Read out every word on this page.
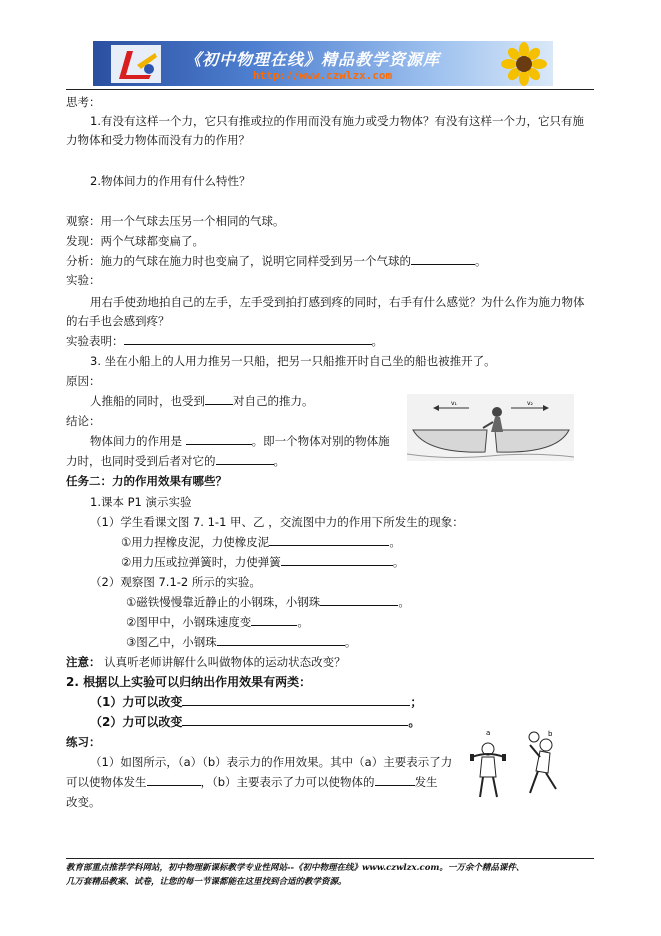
《初中物理在线》精品教学资源库
http://www.czwlzx.com
思考：
1.有没有这样一个力，它只有推或拉的作用而没有施力或受力物体？有没有这样一个力，它只有施
力物体和受力物体而没有力的作用？
2.物体间力的作用有什么特性？
观察：用一个气球去压另一个相同的气球。
发现：两个气球都变扁了。
分析：施力的气球在施力时也变扁了，说明它同样受到另一个气球的	。
实验：
用右手使劲地拍自己的左手，左手受到拍打感到疼的同时，右手有什么感觉？为什么作为施力物体
的右手也会感到疼？
实验表明：	。
3. 坐在小船上的人用力推另一只船，把另一只船推开时自己坐的船也被推开了。
原因：
人推船的同时，也受到 对自己的推力。
结论：
物体间力的作用是	。即一个物体对别的物体施
力时，也同时受到后者对它的	。
v₁	v₂
任务二：力的作用效果有哪些？
1.课本 P1 演示实验
（1）学生看课文图 7. 1-1 甲、乙 ，交流图中力的作用下所发生的现象：
①用力捏橡皮泥，力使橡皮泥	。
②用力压或拉弹簧时，力使弹簧	。
（2）观察图 7.1-2 所示的实验。
①磁铁慢慢靠近静止的小钢珠，小钢珠	。
②图甲中，小钢珠速度变	。
③图乙中，小钢珠	。
注意： 认真听老师讲解什么叫做物体的运动状态改变？
2. 根据以上实验可以归纳出作用效果有两类：
（1）力可以改变	；
（2）力可以改变	。
练习：
（1）如图所示，（a）（b）表示力的作用效果。其中（a）主要表示了力
可以使物体发生	，（b）主要表示了力可以使物体的	发生
改变。
a	b
教育部重点推荐学科网站，初中物理新课标教学专业性网站--《初中物理在线》www.czwlzx.com。一万余个精品课件、
几万套精品教案、试卷，让您的每一节课都能在这里找到合适的教学资源。
